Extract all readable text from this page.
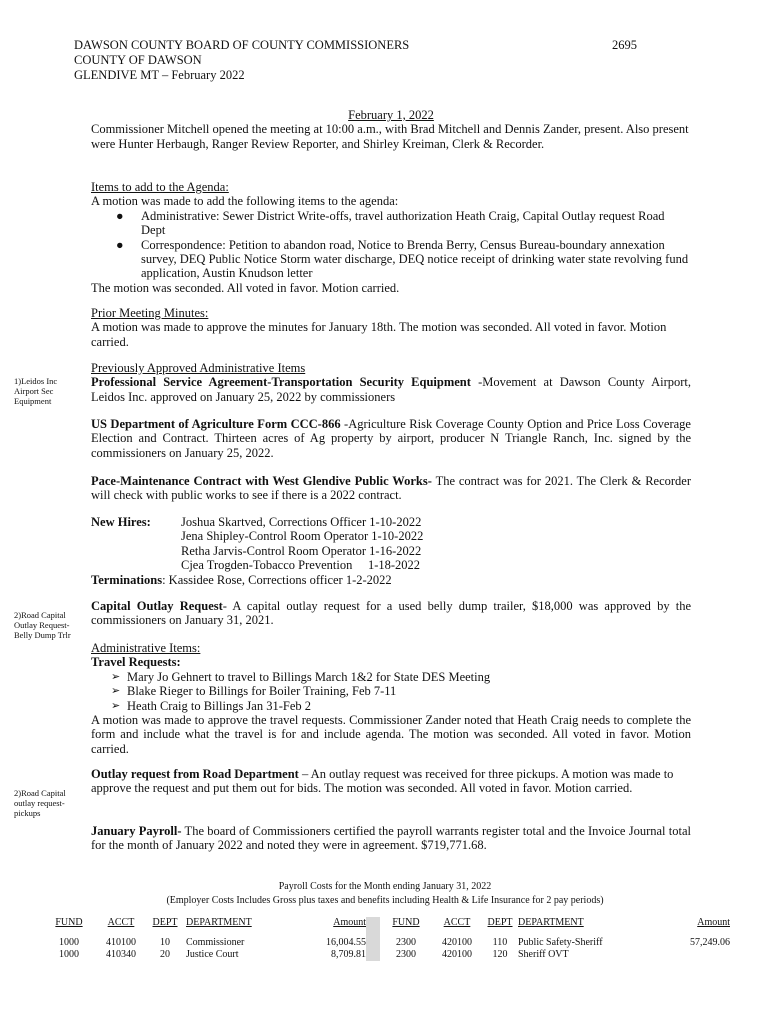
DAWSON COUNTY BOARD OF COUNTY COMMISSIONERS
COUNTY OF DAWSON
GLENDIVE MT – February 2022
2695

February 1, 2022

Commissioner Mitchell opened the meeting at 10:00 a.m., with Brad Mitchell and Dennis Zander, present. Also present were Hunter Herbaugh, Ranger Review Reporter, and Shirley Kreiman, Clerk & Recorder.

Items to add to the Agenda:

A motion was made to add the following items to the agenda:

● Administrative: Sewer District Write-offs, travel authorization Heath Craig, Capital Outlay request Road Dept
● Correspondence: Petition to abandon road, Notice to Brenda Berry, Census Bureau-boundary annexation survey, DEQ Public Notice Storm water discharge, DEQ notice receipt of drinking water state revolving fund application, Austin Knudson letter

The motion was seconded. All voted in favor. Motion carried.

Prior Meeting Minutes:

A motion was made to approve the minutes for January 18th. The motion was seconded. All voted in favor. Motion carried.

Previously Approved Administrative Items

Professional Service Agreement-Transportation Security Equipment -Movement at Dawson County Airport, Leidos Inc. approved on January 25, 2022 by commissioners

1)Leidos Inc Airport Sec Equipment

US Department of Agriculture Form CCC-866 -Agriculture Risk Coverage County Option and Price Loss Coverage Election and Contract. Thirteen acres of Ag property by airport, producer N Triangle Ranch, Inc. signed by the commissioners on January 25, 2022.

Pace-Maintenance Contract with West Glendive Public Works- The contract was for 2021. The Clerk & Recorder will check with public works to see if there is a 2022 contract.

New Hires:	Joshua Skartved, Corrections Officer 1-10-2022
Jena Shipley-Control Room Operator 1-10-2022
Retha Jarvis-Control Room Operator 1-16-2022
Cjea Trogden-Tobacco Prevention     1-18-2022

Terminations: Kassidee Rose, Corrections officer 1-2-2022

Capital Outlay Request- A capital outlay request for a used belly dump trailer, $18,000 was approved by the commissioners on January 31, 2021.

2)Road Capital Outlay Request-Belly Dump Trlr

Administrative Items:

Travel Requests:

➢ Mary Jo Gehnert to travel to Billings March 1&2 for State DES Meeting
➢ Blake Rieger to Billings for Boiler Training, Feb 7-11
➢ Heath Craig to Billings Jan 31-Feb 2

A motion was made to approve the travel requests. Commissioner Zander noted that Heath Craig needs to complete the form and include what the travel is for and include agenda. The motion was seconded. All voted in favor. Motion carried.

Outlay request from Road Department – An outlay request was received for three pickups. A motion was made to approve the request and put them out for bids. The motion was seconded. All voted in favor. Motion carried.

2)Road Capital outlay request-pickups

January Payroll- The board of Commissioners certified the payroll warrants register total and the Invoice Journal total for the month of January 2022 and noted they were in agreement. $719,771.68.

Payroll Costs for the Month ending January 31, 2022
(Employer Costs Includes Gross plus taxes and benefits including Health & Life Insurance for 2 pay periods)
FUND	ACCT	DEPT	DEPARTMENT	Amount		FUND	ACCT	DEPT	DEPARTMENT	Amount
1000	410100	10	Commissioner	16,004.55		2300	420100	110	Public Safety-Sheriff	57,249.06
1000	410340	20	Justice Court	8,709.81		2300	420100	120	Sheriff OVT	
